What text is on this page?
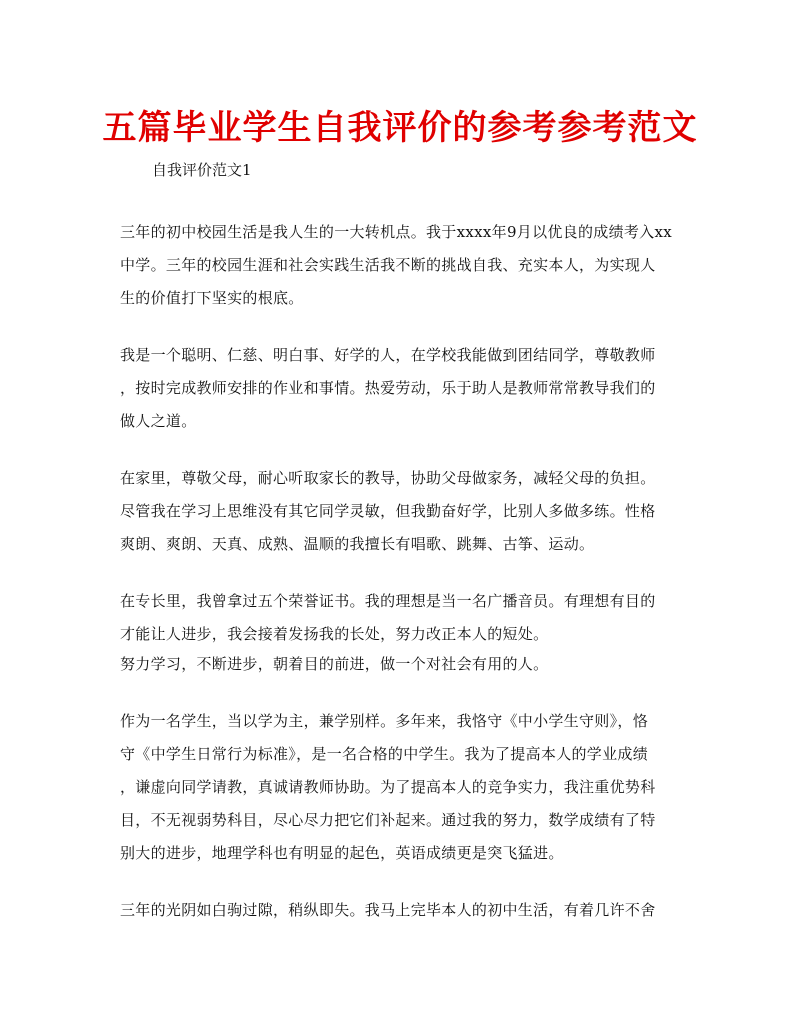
五篇毕业学生自我评价的参考参考范文
自我评价范文1
三年的初中校园生活是我人生的一大转机点。我于xxxx年9月以优良的成绩考入xx
中学。三年的校园生涯和社会实践生活我不断的挑战自我、充实本人，为实现人
生的价值打下坚实的根底。
我是一个聪明、仁慈、明白事、好学的人，在学校我能做到团结同学，尊敬教师
，按时完成教师安排的作业和事情。热爱劳动，乐于助人是教师常常教导我们的
做人之道。
在家里，尊敬父母，耐心听取家长的教导，协助父母做家务，减轻父母的负担。
尽管我在学习上思维没有其它同学灵敏，但我勤奋好学，比别人多做多练。性格
爽朗、爽朗、天真、成熟、温顺的我擅长有唱歌、跳舞、古筝、运动。
在专长里，我曾拿过五个荣誉证书。我的理想是当一名广播音员。有理想有目的
才能让人进步，我会接着发扬我的长处，努力改正本人的短处。
努力学习，不断进步，朝着目的前进，做一个对社会有用的人。
作为一名学生，当以学为主，兼学别样。多年来，我恪守《中小学生守则》，恪
守《中学生日常行为标准》，是一名合格的中学生。我为了提高本人的学业成绩
，谦虚向同学请教，真诚请教师协助。为了提高本人的竞争实力，我注重优势科
目，不无视弱势科目，尽心尽力把它们补起来。通过我的努力，数学成绩有了特
别大的进步，地理学科也有明显的起色，英语成绩更是突飞猛进。
三年的光阴如白驹过隙，稍纵即失。我马上完毕本人的初中生活，有着几许不舍
